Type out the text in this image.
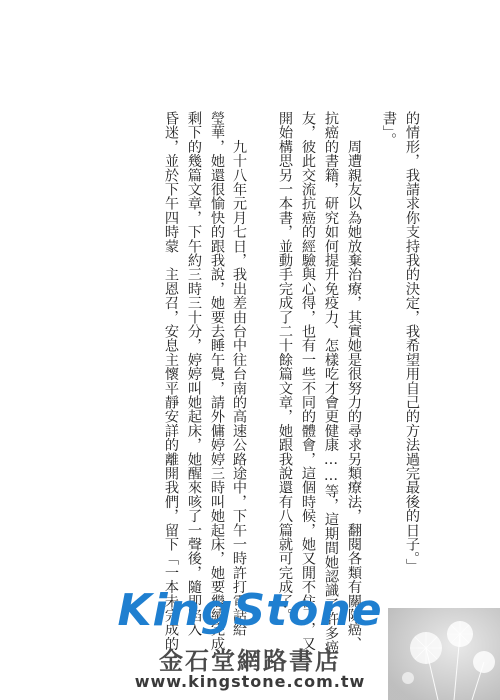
的情形，我請求你支持我的決定，我希望用自己的方法過完最後的日子。」
書」。
　　周遭親友以為她放棄治療，其實她是很努力的尋求另類療法，翻閱各類有關防癌、
抗癌的書籍，研究如何提升免疫力、怎樣吃才會更健康……等，這期間她認識了許多癌
友，彼此交流抗癌的經驗與心得，也有一些不同的體會，這個時候，她又閒不住了，又
開始構思另一本書，並動手完成了二十餘篇文章，她跟我說還有八篇就可完成了。
　　九十八年元月七日，我出差由台中往台南的高速公路途中，下午一時許打電話給
瑩華，她還很愉快的跟我說，她要去睡午覺，請外傭婷婷三時叫她起床，她要繼續完成
剩下的幾篇文章，下午約三時三十分，婷婷叫她起床，她醒來咳了一聲後，隨即陷入
昏迷，並於下午四時蒙　主恩召，安息主懷平靜安詳的離開我們，留下「一本未完成的
KingStone
金石堂網路書店
www.kingstone.com.tw
